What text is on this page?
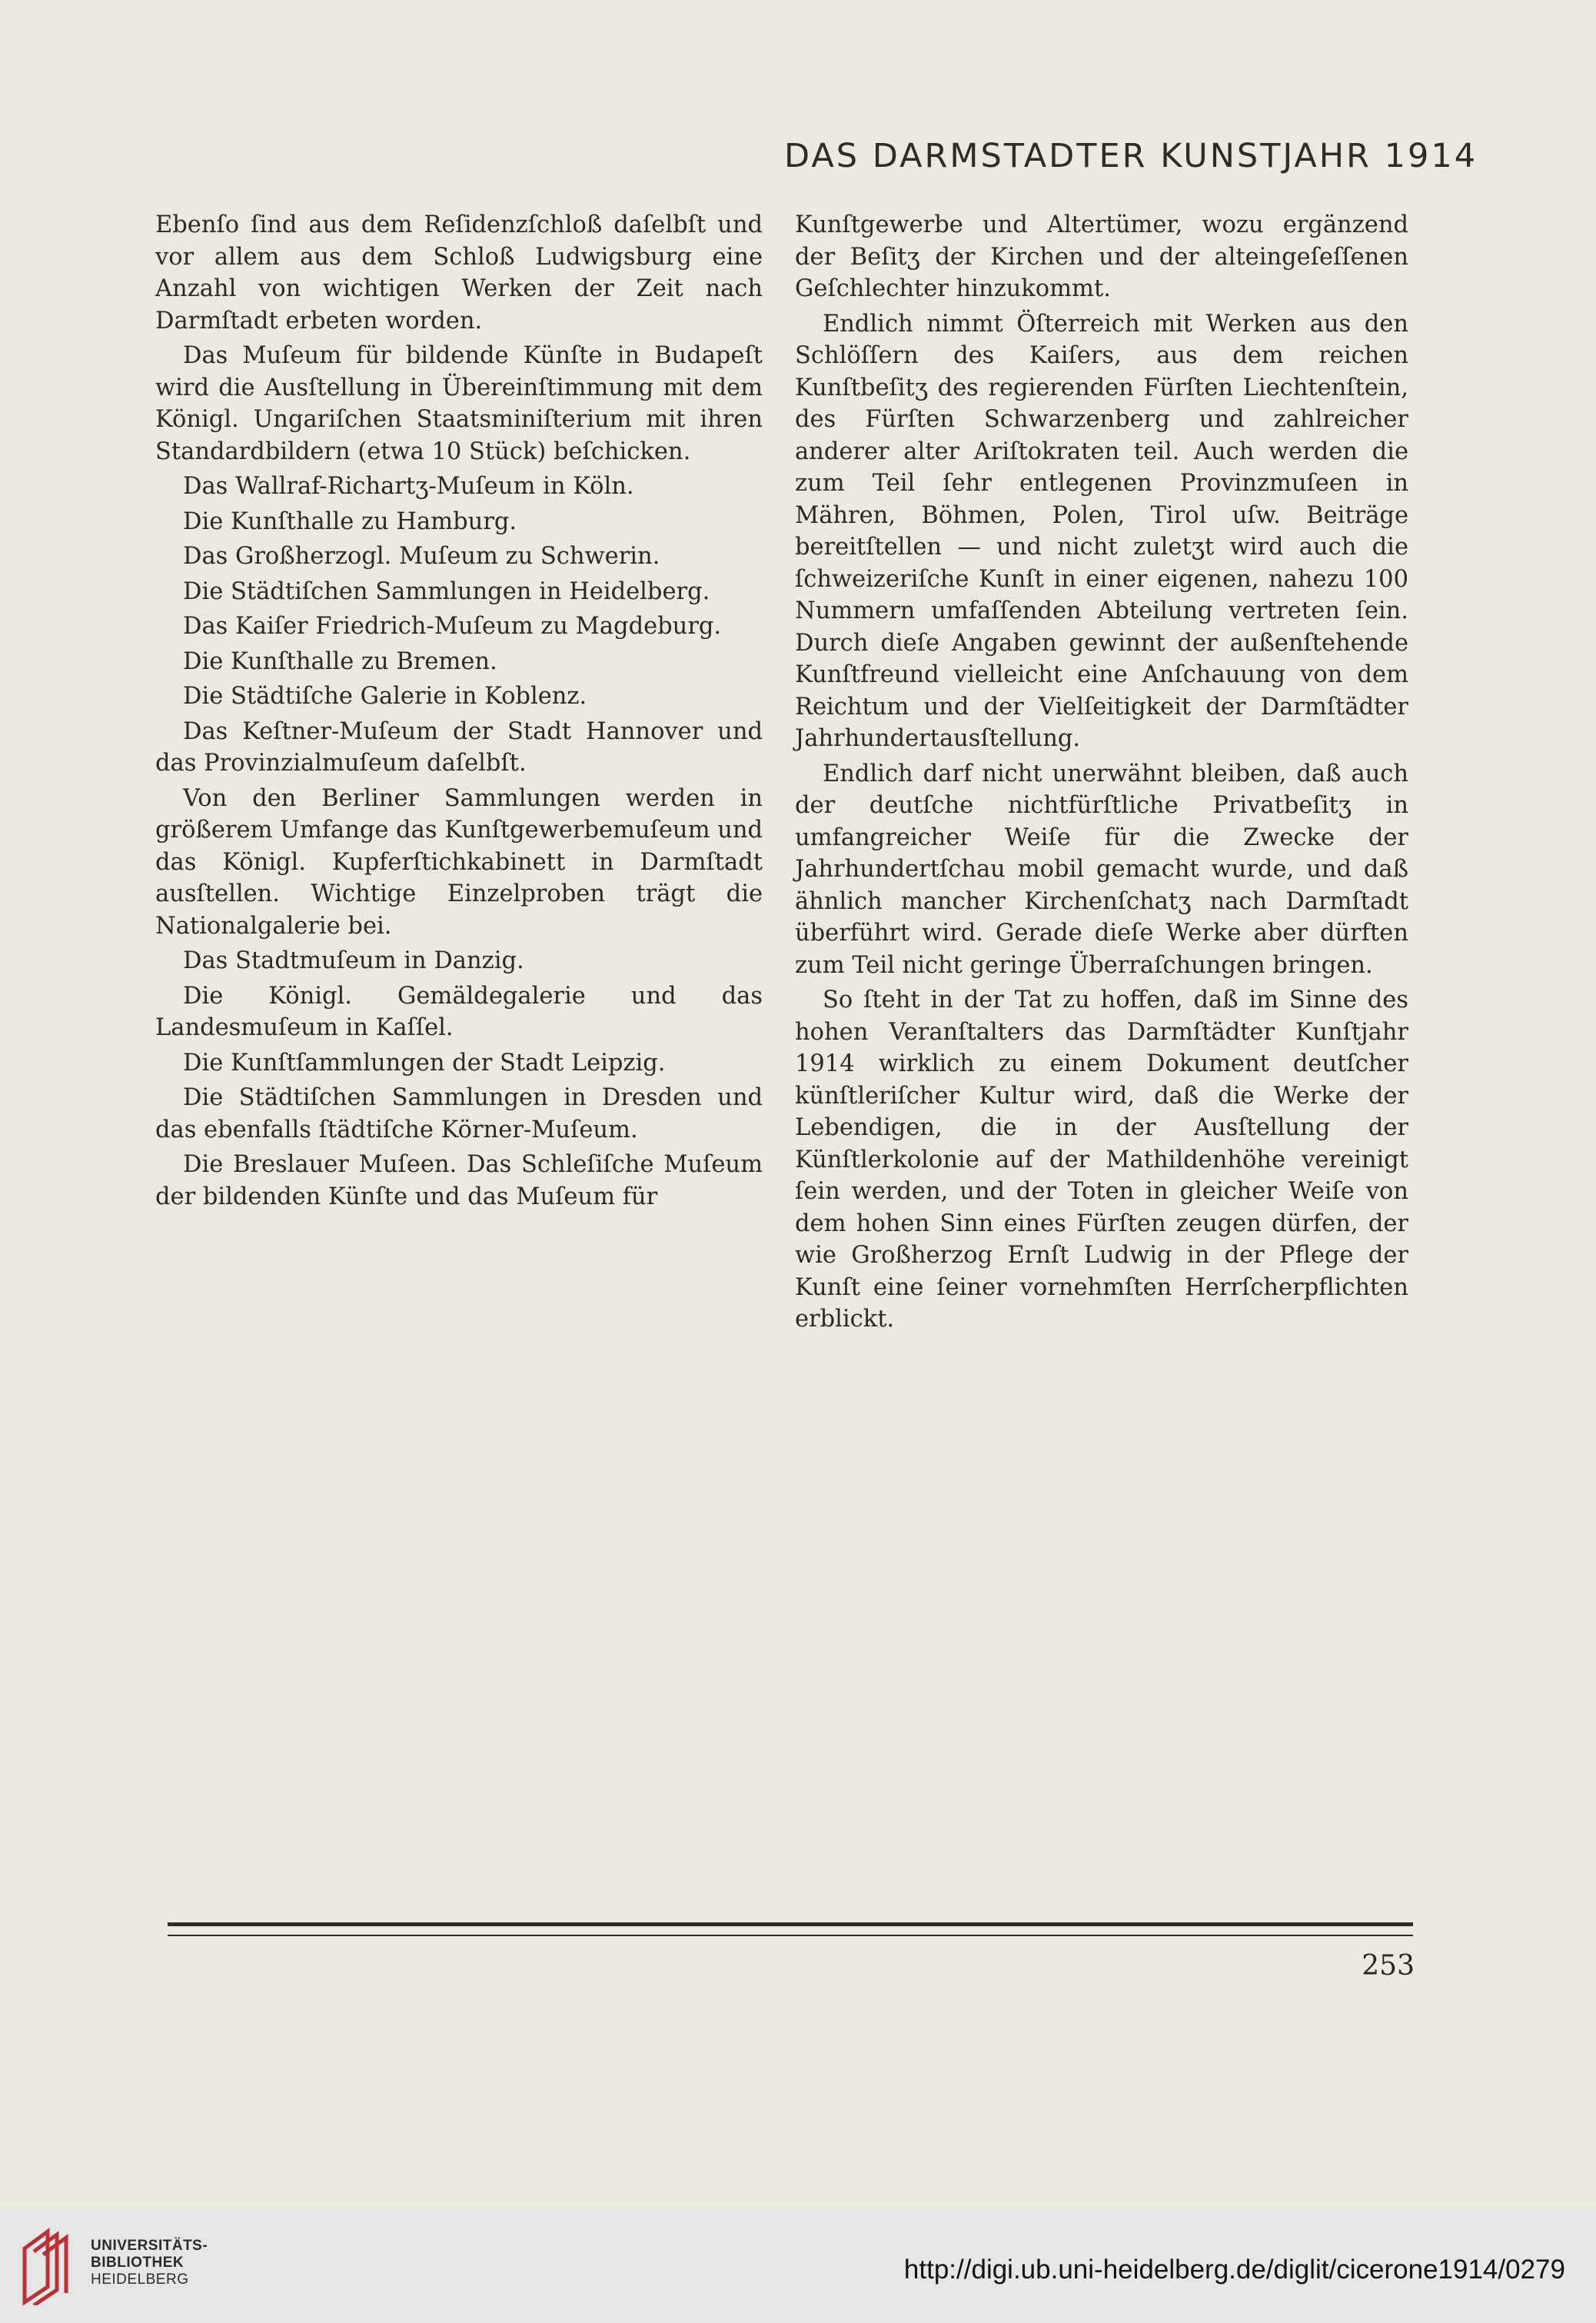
DAS DARMSTADTER KUNSTJAHR 1914

Ebenſo ſind aus dem Reſidenzſchloß daſelbſt und vor allem aus dem Schloß Ludwigsburg eine Anzahl von wichtigen Werken der Zeit nach Darmſtadt erbeten worden.

Das Muſeum für bildende Künſte in Budapeſt wird die Ausſtellung in Übereinſtimmung mit dem Königl. Ungariſchen Staatsminiſterium mit ihren Standardbildern (etwa 10 Stück) beſchicken.

Das Wallraf-Richartʒ-Muſeum in Köln.

Die Kunſthalle zu Hamburg.

Das Großherzogl. Muſeum zu Schwerin.

Die Städtiſchen Sammlungen in Heidelberg.

Das Kaiſer Friedrich-Muſeum zu Magdeburg.

Die Kunſthalle zu Bremen.

Die Städtiſche Galerie in Koblenz.

Das Keſtner-Muſeum der Stadt Hannover und das Provinzialmuſeum daſelbſt.

Von den Berliner Sammlungen werden in größerem Umfange das Kunſtgewerbemuſeum und das Königl. Kupferſtichkabinett in Darmſtadt ausſtellen. Wichtige Einzelproben trägt die Nationalgalerie bei.

Das Stadtmuſeum in Danzig.

Die Königl. Gemäldegalerie und das Landesmuſeum in Kaſſel.

Die Kunſtſammlungen der Stadt Leipzig.

Die Städtiſchen Sammlungen in Dresden und das ebenfalls ſtädtiſche Körner-Muſeum.

Die Breslauer Muſeen. Das Schleſiſche Muſeum der bildenden Künſte und das Muſeum für

Kunſtgewerbe und Altertümer, wozu ergänzend der Beſitʒ der Kirchen und der alteingeſeſſenen Geſchlechter hinzukommt.

Endlich nimmt Öſterreich mit Werken aus den Schlöſſern des Kaiſers, aus dem reichen Kunſtbeſitʒ des regierenden Fürſten Liechtenſtein, des Fürſten Schwarzenberg und zahlreicher anderer alter Ariſtokraten teil. Auch werden die zum Teil ſehr entlegenen Provinzmuſeen in Mähren, Böhmen, Polen, Tirol uſw. Beiträge bereitſtellen — und nicht zuletʒt wird auch die ſchweizeriſche Kunſt in einer eigenen, nahezu 100 Nummern umfaſſenden Abteilung vertreten ſein. Durch dieſe Angaben gewinnt der außenſtehende Kunſtfreund vielleicht eine Anſchauung von dem Reichtum und der Vielſeitigkeit der Darmſtädter Jahrhundertausſtellung.

Endlich darf nicht unerwähnt bleiben, daß auch der deutſche nichtfürſtliche Privatbeſitʒ in umfangreicher Weiſe für die Zwecke der Jahrhundertſchau mobil gemacht wurde, und daß ähnlich mancher Kirchenſchatʒ nach Darmſtadt überführt wird. Gerade dieſe Werke aber dürften zum Teil nicht geringe Überraſchungen bringen.

So ſteht in der Tat zu hoffen, daß im Sinne des hohen Veranſtalters das Darmſtädter Kunſtjahr 1914 wirklich zu einem Dokument deutſcher künſtleriſcher Kultur wird, daß die Werke der Lebendigen, die in der Ausſtellung der Künſtlerkolonie auf der Mathildenhöhe vereinigt ſein werden, und der Toten in gleicher Weiſe von dem hohen Sinn eines Fürſten zeugen dürfen, der wie Großherzog Ernſt Ludwig in der Pflege der Kunſt eine ſeiner vornehmſten Herrſcherpflichten erblickt.

253
UNIVERSITÄTS-
BIBLIOTHEK
HEIDELBERG	http://digi.ub.uni-heidelberg.de/diglit/cicerone1914/0279
